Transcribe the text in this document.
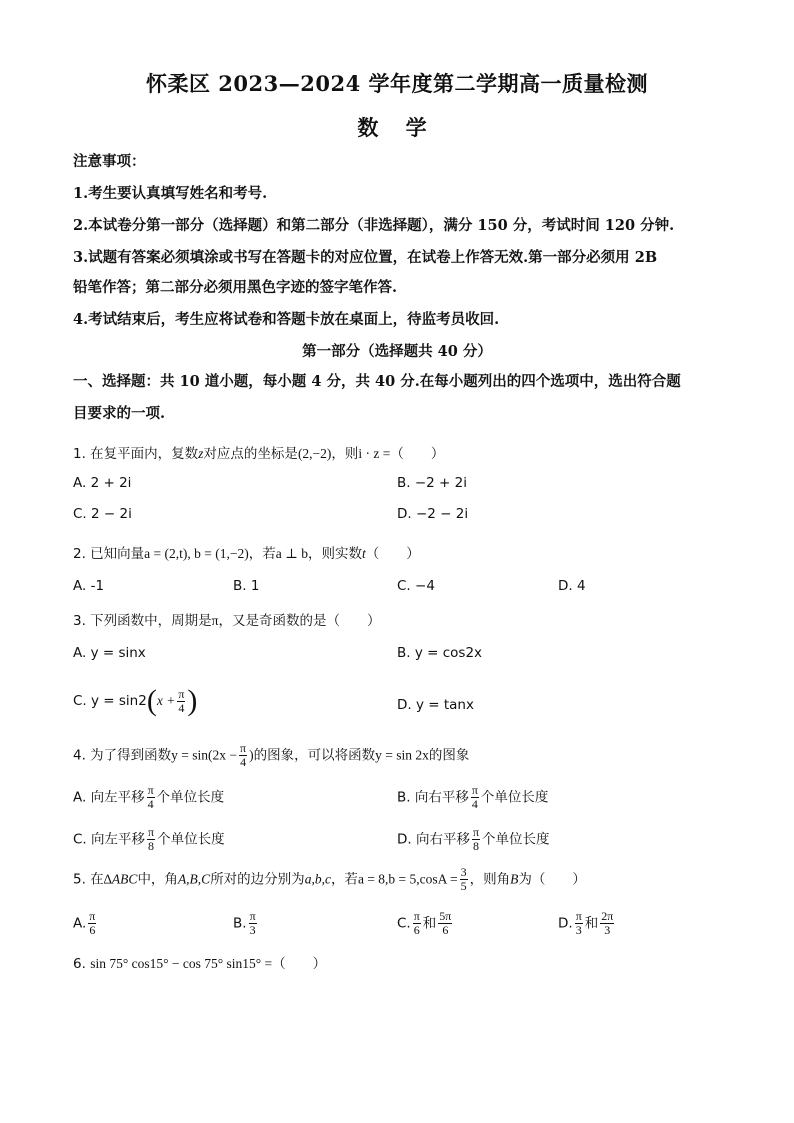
怀柔区 2023—2024 学年度第二学期高一质量检测
数 学
注意事项：
1.考生要认真填写姓名和考号.
2.本试卷分第一部分（选择题）和第二部分（非选择题），满分 150 分，考试时间 120 分钟.
3.试题有答案必须填涂或书写在答题卡的对应位置，在试卷上作答无效.第一部分必须用 2B
铅笔作答；第二部分必须用黑色字迹的签字笔作答.
4.考试结束后，考生应将试卷和答题卡放在桌面上，待监考员收回.
第一部分（选择题共 40 分）
一、选择题：共 10 道小题，每小题 4 分，共 40 分.在每小题列出的四个选项中，选出符合题
目要求的一项.
1. 在复平面内，复数z对应点的坐标是(2,−2)，则i · z =（　　）
A. 2 + 2i	B. −2 + 2i
C. 2 − 2i	D. −2 − 2i
2. 已知向量a = (2,t), b = (1,−2)，若a ⊥ b，则实数t（　　）
A. -1	B. 1	C. −4	D. 4
3. 下列函数中，周期是π，又是奇函数的是（　　）
A. y = sinx	B. y = cos2x
C. $y = \sin 2(x + \frac{\pi}{4}$ )	D. y = tanx
4. 为了得到函数$y = \sin(2x - \frac{\pi}{4}$ )的图象，可以将函数y = sin 2x的图象
A. 向左平移 $\frac{\pi}{4}$ 个单位长度	B. 向右平移 $\frac{\pi}{4}$ 个单位长度
C. 向左平移 $\frac{\pi}{8}$ 个单位长度	D. 向右平移 $\frac{\pi}{8}$ 个单位长度
5. 在∆ABC中，角A,B,C所对的边分别为a,b,c，若$a = 8,b = 5,\cos A = \frac{3}{5}$ ，则角B为（　　）
A. $\frac{\pi}{6}$	B. $\frac{\pi}{3}$	C. $\frac{\pi}{6}$ 和 $\frac{5\pi}{6}$	D. $\frac{\pi}{3}$ 和 $\frac{2\pi}{3}$
6. sin 75° cos15° − cos 75° sin15° =（　　）
